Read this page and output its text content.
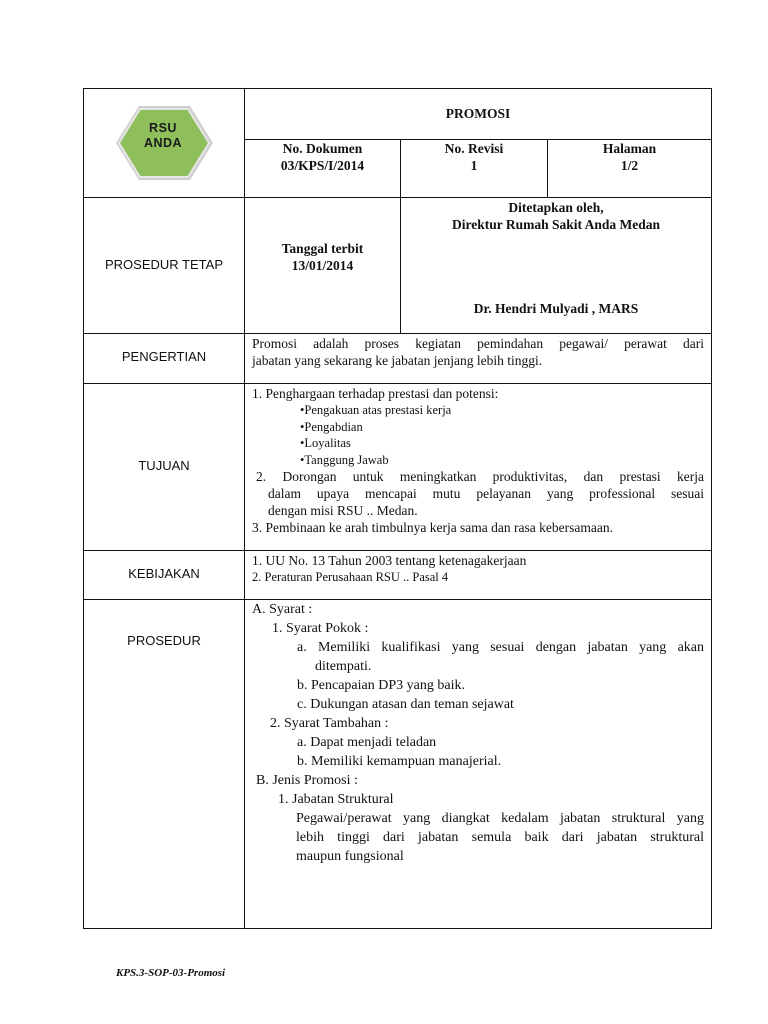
RSU
ANDA
PROMOSI
No. Dokumen
03/KPS/I/2014
No. Revisi
1
Halaman
1/2
PROSEDUR TETAP
Tanggal terbit
13/01/2014
Ditetapkan oleh,
Direktur Rumah Sakit Anda Medan
Dr. Hendri Mulyadi , MARS
PENGERTIAN
Promosi adalah proses kegiatan pemindahan pegawai/ perawat dari
jabatan yang sekarang ke jabatan jenjang lebih tinggi.
TUJUAN
1. Penghargaan terhadap prestasi dan potensi:
•Pengakuan atas prestasi kerja
•Pengabdian
•Loyalitas
•Tanggung Jawab
2. Dorongan untuk meningkatkan produktivitas, dan prestasi kerja
dalam upaya mencapai mutu pelayanan yang professional sesuai
dengan misi RSU .. Medan.
3. Pembinaan ke arah timbulnya kerja sama dan rasa kebersamaan.
KEBIJAKAN
1. UU No. 13 Tahun 2003 tentang ketenagakerjaan
2. Peraturan Perusahaan RSU .. Pasal 4
PROSEDUR
A. Syarat :
1. Syarat Pokok :
a. Memiliki kualifikasi yang sesuai dengan jabatan yang akan
ditempati.
b. Pencapaian DP3 yang baik.
c. Dukungan atasan dan teman sejawat
2. Syarat Tambahan :
a. Dapat menjadi teladan
b. Memiliki kemampuan manajerial.
B. Jenis Promosi :
1. Jabatan Struktural
Pegawai/perawat yang diangkat kedalam jabatan struktural yang
lebih tinggi dari jabatan semula baik dari jabatan struktural
maupun fungsional
KPS.3-SOP-03-Promosi
